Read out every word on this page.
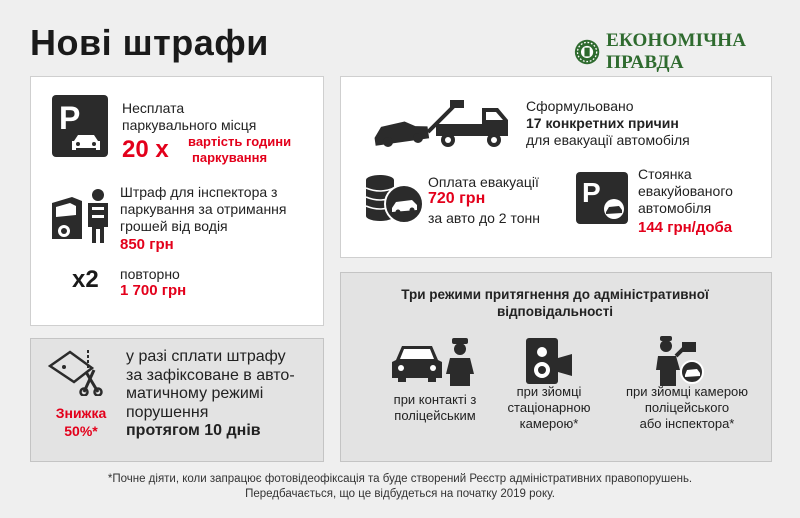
Нові штрафи	ЕКОНОМІЧНА ПРАВДА
P	Несплата
паркувального місця
20 х вартість години
паркування
Штраф для інспектора з
паркування за отримання
грошей від водія
850 грн
х2 повторно
1 700 грн
Знижка
50%*
у разі сплати штрафу
за зафіксоване в авто-
матичному режимі
порушення
протягом 10 днів
Сформульовано
17 конкретних причин
для евакуації автомобіля
Оплата евакуації
720 грн
за авто до 2 тонн
P
Стоянка
евакуйованого
автомобіля
144 грн/доба
Три режими притягнення до адміністративної
відповідальності
при контакті з
поліцейським
при зйомці
стаціонарною
камерою*
при зйомці камерою
поліцейського
або інспектора*
*Почне діяти, коли запрацює фотовідеофіксація та буде створений Реєстр адміністративних правопорушень.
Передбачається, що це відбудеться на початку 2019 року.
